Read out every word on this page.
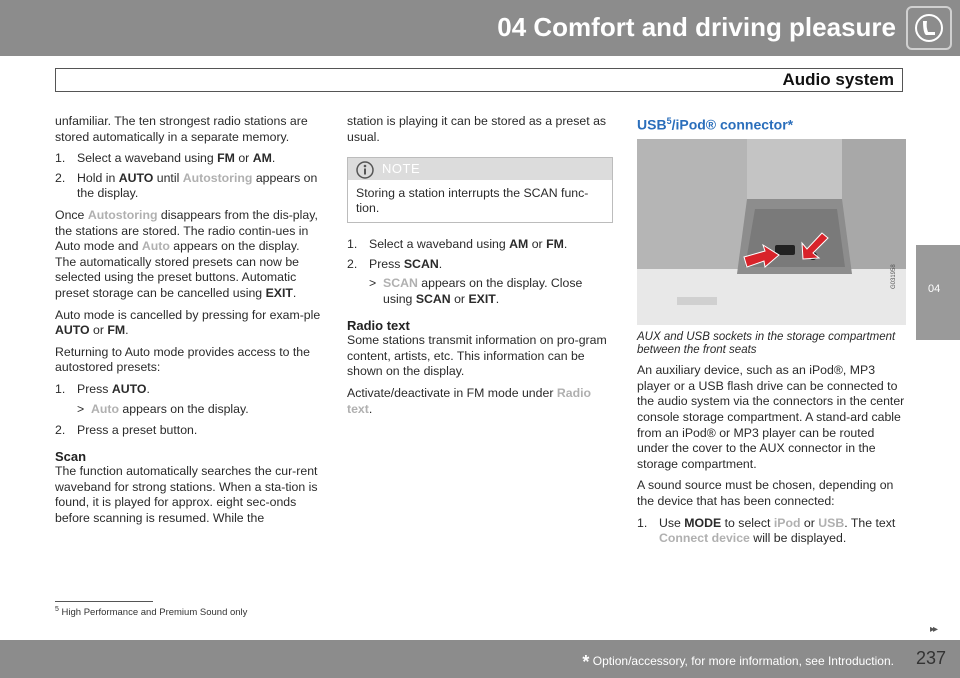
04 Comfort and driving pleasure
Audio system
04

unfamiliar. The ten strongest radio stations are stored automatically in a separate memory.

1. Select a waveband using FM or AM.
2. Hold in AUTO until Autostoring appears on the display.

Once Autostoring disappears from the dis-play, the stations are stored. The radio contin-ues in Auto mode and Auto appears on the display. The automatically stored presets can now be selected using the preset buttons. Automatic preset storage can be cancelled using EXIT.

Auto mode is cancelled by pressing for exam-ple AUTO or FM.

Returning to Auto mode provides access to the autostored presets:

1. Press AUTO.
> Auto appears on the display.
2. Press a preset button.
Scan

The function automatically searches the cur-rent waveband for strong stations. When a sta-tion is found, it is played for approx. eight sec-onds before scanning is resumed. While the

station is playing it can be stored as a preset as usual.

NOTE
Storing a station interrupts the SCAN func-tion.
1. Select a waveband using AM or FM.
2. Press SCAN.
> SCAN appears on the display. Close using SCAN or EXIT.
Radio text

Some stations transmit information on pro-gram content, artists, etc. This information can be shown on the display.

Activate/deactivate in FM mode under Radio text.

USB$^5$/iPod® connector*
G031958

AUX and USB sockets in the storage compartment between the front seats

An auxiliary device, such as an iPod®, MP3 player or a USB flash drive can be connected to the audio system via the connectors in the center console storage compartment. A stand-ard cable from an iPod® or MP3 player can be routed under the cover to the AUX connector in the storage compartment.

A sound source must be chosen, depending on the device that has been connected:

1. Use MODE to select iPod or USB. The text Connect device will be displayed.
$^5$ High Performance and Premium Sound only
▸▸
* Option/accessory, for more information, see Introduction. 237
